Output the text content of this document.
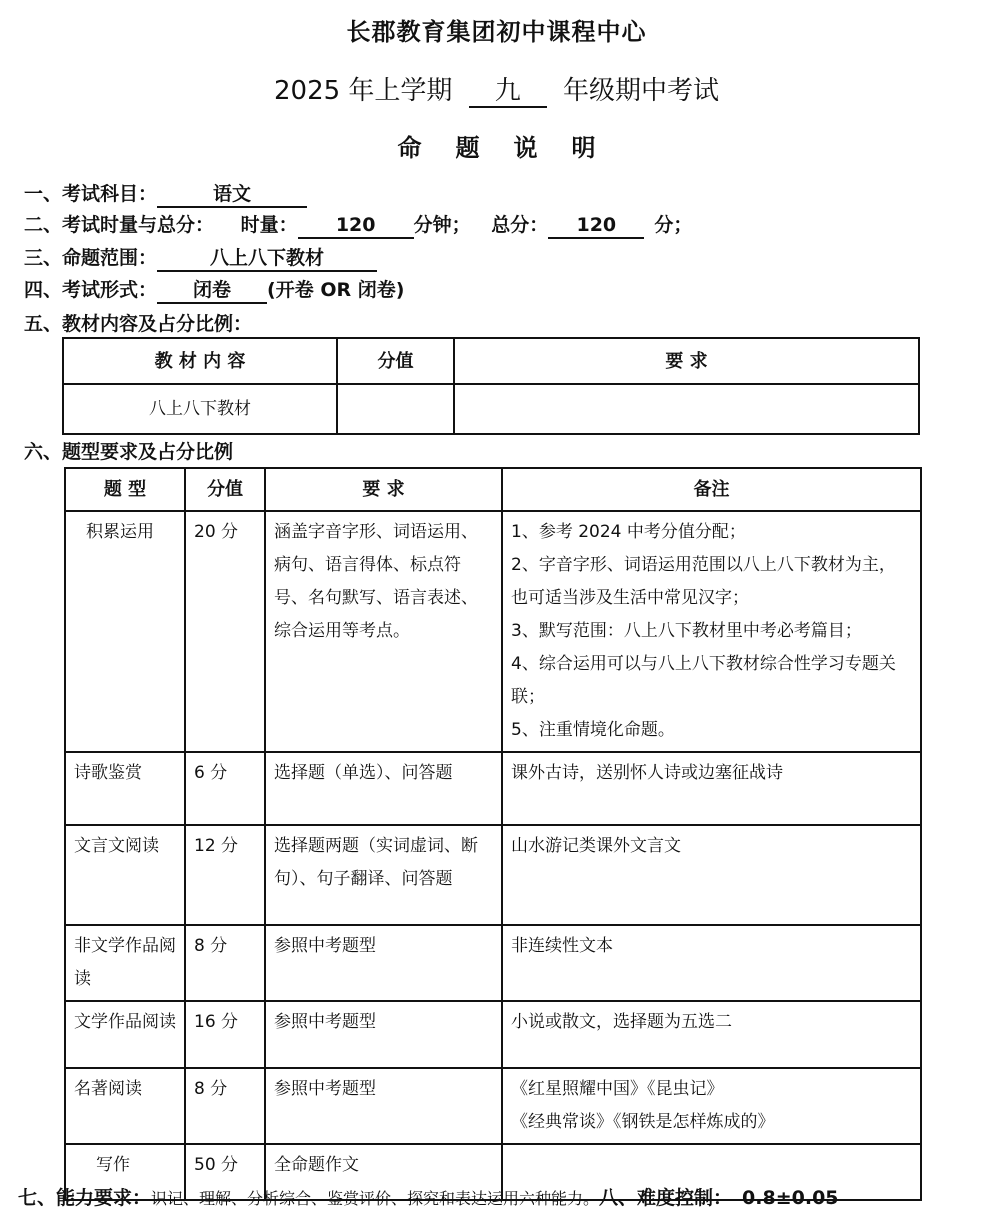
长郡教育集团初中课程中心
2025 年上学期 九 年级期中考试
命题说明
一、考试科目：	语文
二、考试时量与总分： 时量： 120 分钟； 总分： 120 分；
三、命题范围：	八上八下教材
四、考试形式： 闭卷 (开卷 OR 闭卷)
五、教材内容及占分比例：
教 材 内 容	分值	要 求
八上八下教材		
六、题型要求及占分比例
题 型	分值	要 求	备注
积累运用	20 分	涵盖字音字形、词语运用、病句、语言得体、标点符号、名句默写、语言表述、综合运用等考点。	1、参考 2024 中考分值分配；
2、字音字形、词语运用范围以八上八下教材为主，也可适当涉及生活中常见汉字；
3、默写范围：八上八下教材里中考必考篇目；
4、综合运用可以与八上八下教材综合性学习专题关联；
5、注重情境化命题。

诗歌鉴赏	6 分	选择题（单选）、问答题	课外古诗，送别怀人诗或边塞征战诗
文言文阅读	12 分	选择题两题（实词虚词、断句）、句子翻译、问答题	山水游记类课外文言文
非文学作品阅读	8 分	参照中考题型	非连续性文本
文学作品阅读	16 分	参照中考题型	小说或散文，选择题为五选二
名著阅读	8 分	参照中考题型	《红星照耀中国》《昆虫记》
《经典常谈》《钢铁是怎样炼成的》

写作	50 分	全命题作文	
七、能力要求：识记、理解、分析综合、鉴赏评价、探究和表达运用六种能力。八、难度控制： 0.8±0.05
